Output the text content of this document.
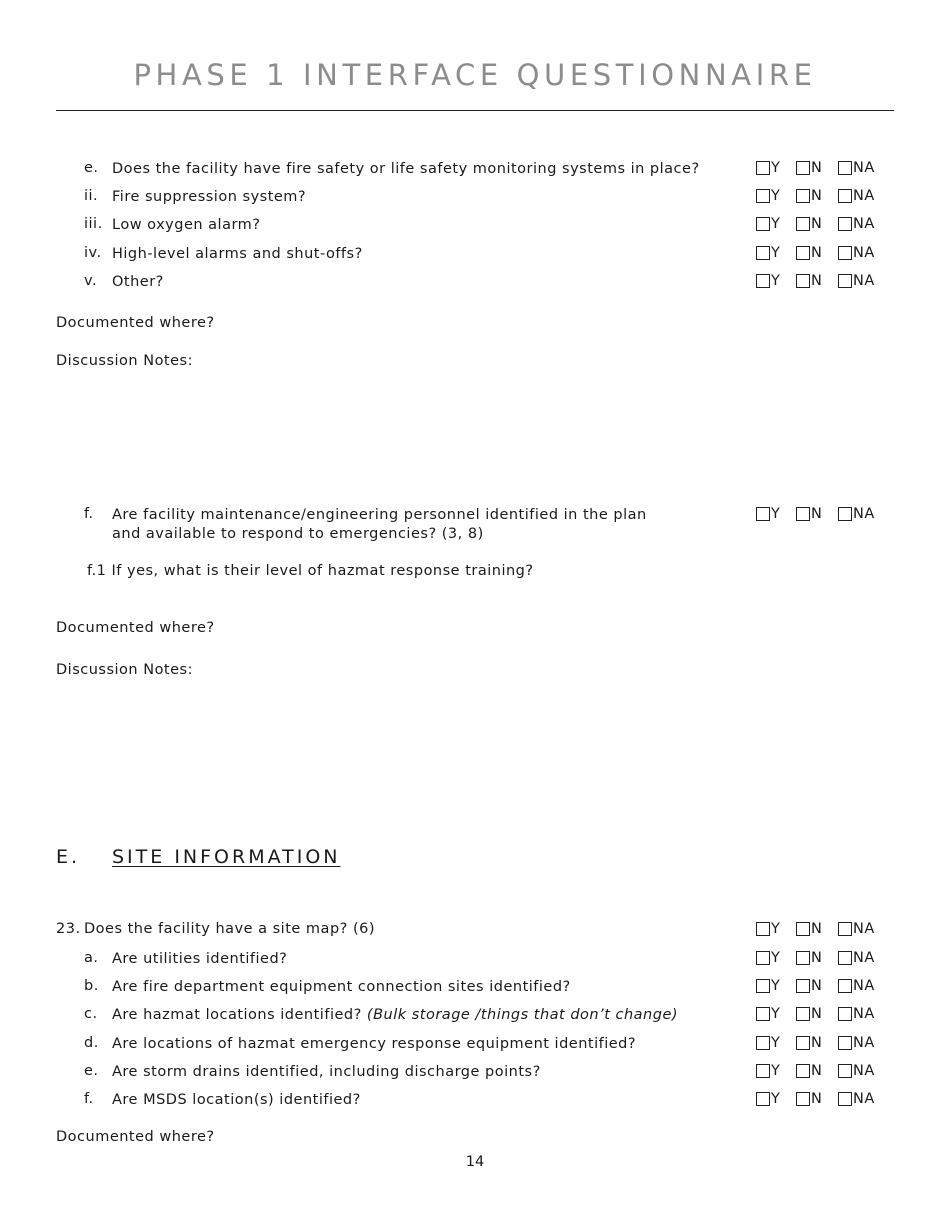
PHASE 1 INTERFACE QUESTIONNAIRE
e. Does the facility have fire safety or life safety monitoring systems in place?	Y N NA
ii. Fire suppression system?	Y N NA
iii. Low oxygen alarm?	Y N NA
iv. High-level alarms and shut-offs?	Y N NA
v. Other?	Y N NA
Documented where?
Discussion Notes:
f. Are facility maintenance/engineering personnel identified in the plan
and available to respond to emergencies? (3, 8)
Y N NA
f.1 If yes, what is their level of hazmat response training?
Documented where?
Discussion Notes:
E. SITE INFORMATION
23. Does the facility have a site map? (6)	Y N NA
a. Are utilities identified?	Y N NA
b. Are fire department equipment connection sites identified?	Y N NA
c. Are hazmat locations identified? (Bulk storage /things that don’t change)	Y N NA
d. Are locations of hazmat emergency response equipment identified?	Y N NA
e. Are storm drains identified, including discharge points?	Y N NA
f. Are MSDS location(s) identified?	Y N NA
Documented where?
14
